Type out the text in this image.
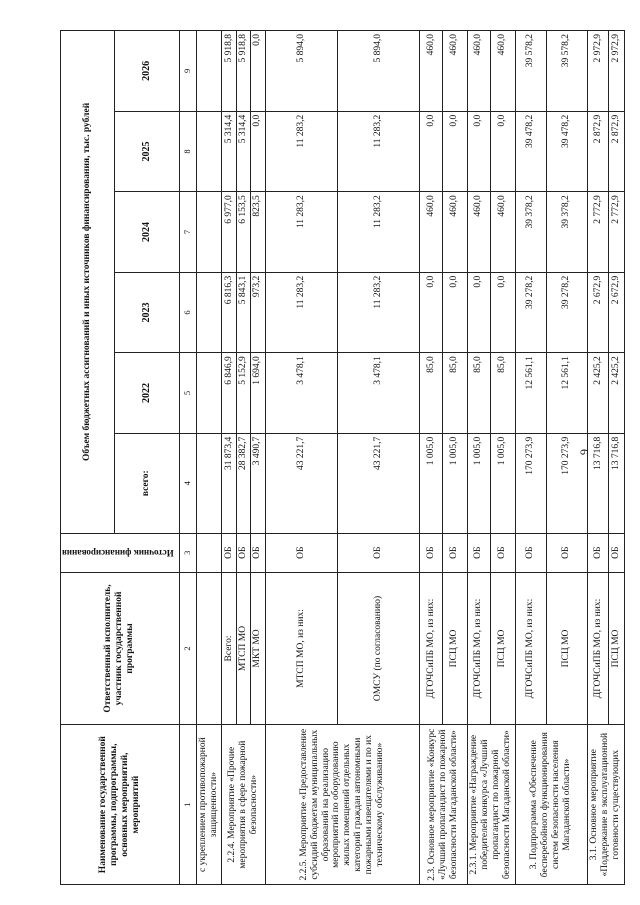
6
Наименование государственной программы, подпрограммы, основных мероприятий, мероприятий	Ответственный исполнитель, участник государственной программы	Источник финансирования	Объем бюджетных ассигнований и иных источников финансирования, тыс. рублей					
			всего:	2022	2023	2024	2025	2026
1	2	3	4	5	6	7	8	9
с укреплением противопожарной защищенности»								
2.2.4. Мероприятие «Прочие мероприятия в сфере пожарной безопасности»	Всего:	ОБ	31 873,4	6 846,9	6 816,3	6 977,0	5 314,4	5 918,8
	МТСП МО	ОБ	28 382,7	5 152,9	5 843,1	6 153,5	5 314,4	5 918,8
	МКТ МО	ОБ	3 490,7	1 694,0	973,2	823,5	0,0	0,0
2.2.5. Мероприятие «Предоставление субсидий бюджетам муниципальных образований на реализацию мероприятий по оборудованию жилых помещений отдельных категорий граждан автономными пожарными извещателями и по их техническому обслуживанию»	МТСП МО, из них:	ОБ	43 221,7	3 478,1	11 283,2	11 283,2	11 283,2	5 894,0
	ОМСУ (по согласованию)	ОБ	43 221,7	3 478,1	11 283,2	11 283,2	11 283,2	5 894,0
2.3. Основное мероприятие «Конкурс «Лучший пропагандист по пожарной безопасности Магаданской области»	ДГОЧСиПБ МО, из них:	ОБ	1 005,0	85,0	0,0	460,0	0,0	460,0
	ПСЦ МО	ОБ	1 005,0	85,0	0,0	460,0	0,0	460,0
2.3.1. Мероприятие «Награждение победителей конкурса «Лучший пропагандист по пожарной безопасности Магаданской области»	ДГОЧСиПБ МО, из них:	ОБ	1 005,0	85,0	0,0	460,0	0,0	460,0
	ПСЦ МО	ОБ	1 005,0	85,0	0,0	460,0	0,0	460,0
3. Подпрограмма «Обеспечение бесперебойного функционирования систем безопасности населения Магаданской области»	ДГОЧСиПБ МО, из них:	ОБ	170 273,9	12 561,1	39 278,2	39 378,2	39 478,2	39 578,2
	ПСЦ МО	ОБ	170 273,9	12 561,1	39 278,2	39 378,2	39 478,2	39 578,2
3.1. Основное мероприятие «Поддержание в эксплуатационной готовности существующих	ДГОЧСиПБ МО, из них:	ОБ	13 716,8	2 425,2	2 672,9	2 772,9	2 872,9	2 972,9
	ПСЦ МО	ОБ	13 716,8	2 425,2	2 672,9	2 772,9	2 872,9	2 972,9
